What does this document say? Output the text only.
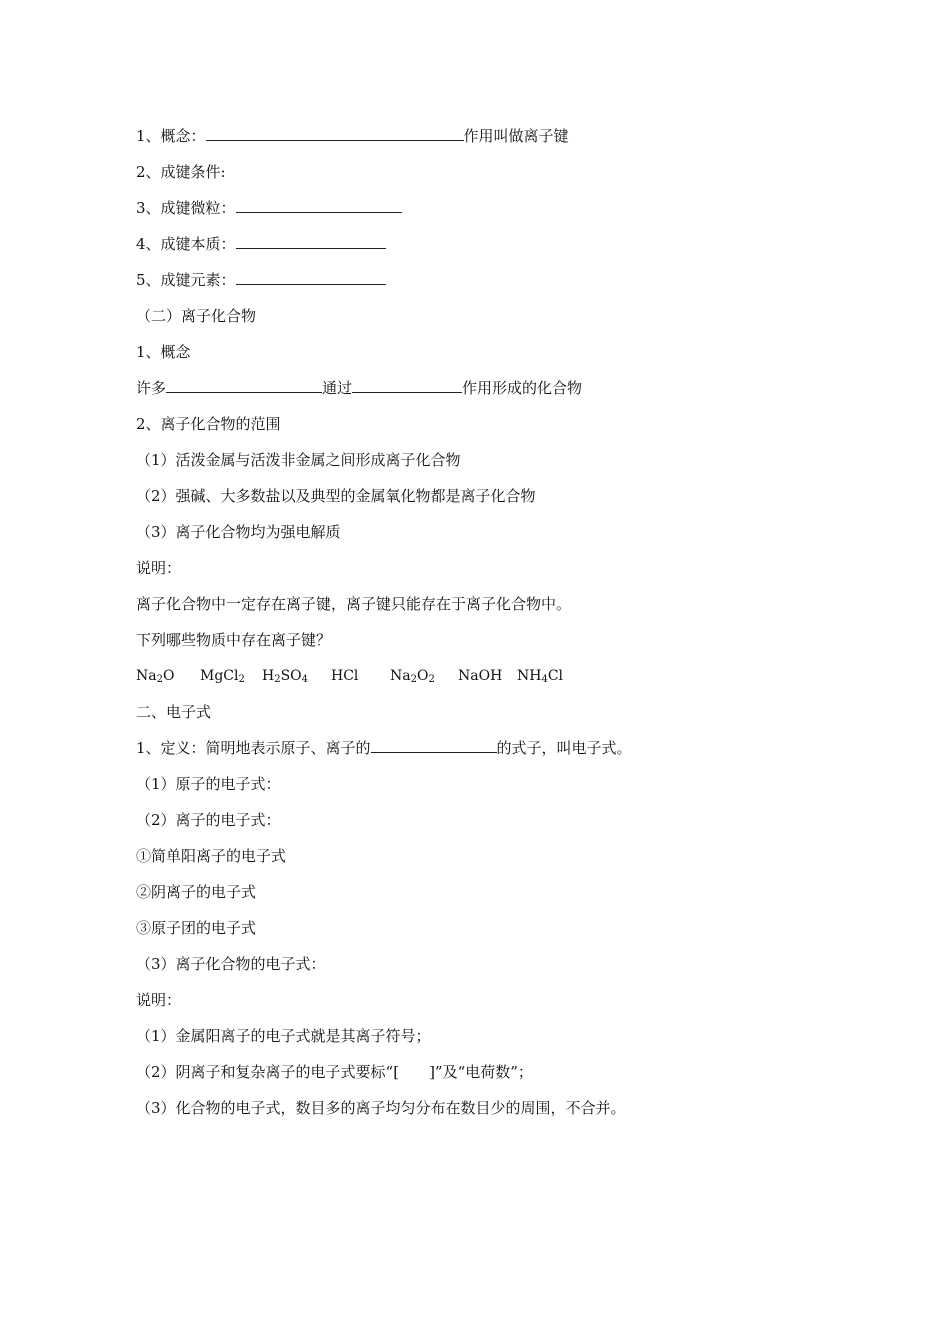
1、概念：	作用叫做离子键
2、成键条件:
3、成键微粒：
4、成键本质：
5、成键元素：
（二）离子化合物
1、概念
许多	通过	作用形成的化合物
2、离子化合物的范围
（1）活泼金属与活泼非金属之间形成离子化合物
（2）强碱、大多数盐以及典型的金属氧化物都是离子化合物
（3）离子化合物均为强电解质
说明：
离子化合物中一定存在离子键，离子键只能存在于离子化合物中。
下列哪些物质中存在离子键？
$Na_2O$ MgCl$_2$ $H_2SO_4$ HCl $Na_2O_2$ NaOH $NH_4Cl$
二、电子式
1、定义：简明地表示原子、离子的	的式子，叫电子式。
（1）原子的电子式：
（2）离子的电子式：
①简单阳离子的电子式
②阴离子的电子式
③原子团的电子式
（3）离子化合物的电子式：
说明：
（1）金属阳离子的电子式就是其离子符号；
（2）阴离子和复杂离子的电子式要标“[　　]”及“电荷数”；
（3）化合物的电子式，数目多的离子均匀分布在数目少的周围，不合并。
